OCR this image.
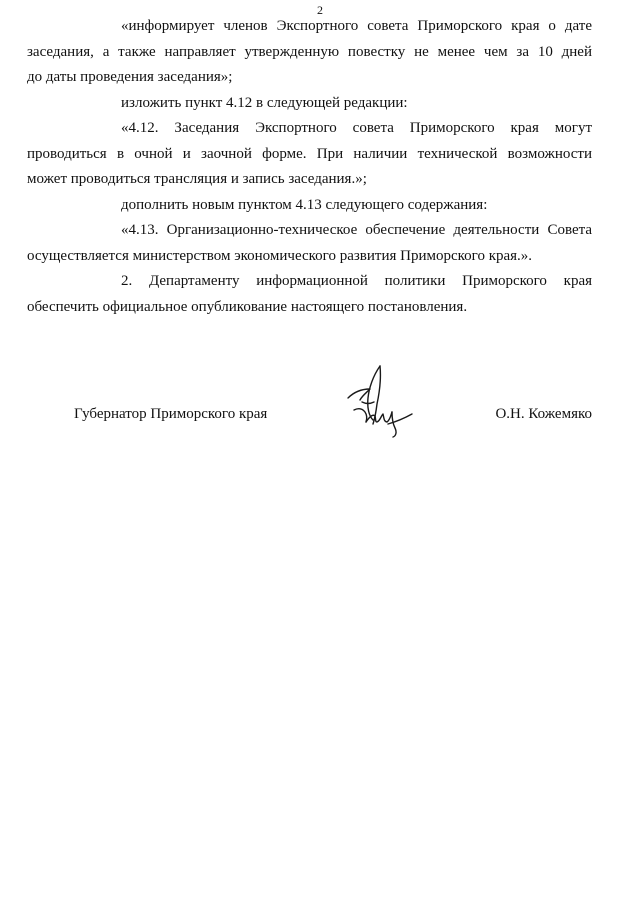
2

«информирует членов Экспортного совета Приморского края о дате
заседания, а также направляет утвержденную повестку не менее чем за 10 дней
до даты проведения заседания»;

изложить пункт 4.12 в следующей редакции:

«4.12. Заседания Экспортного совета Приморского края могут
проводиться в очной и заочной форме. При наличии технической возможности
может проводиться трансляция и запись заседания.»;

дополнить новым пунктом 4.13 следующего содержания:

«4.13. Организационно-техническое обеспечение деятельности Совета
осуществляется министерством экономического развития Приморского края.».

2. Департаменту информационной политики Приморского края
обеспечить официальное опубликование настоящего постановления.

Губернатор Приморского края	О.Н. Кожемяко
